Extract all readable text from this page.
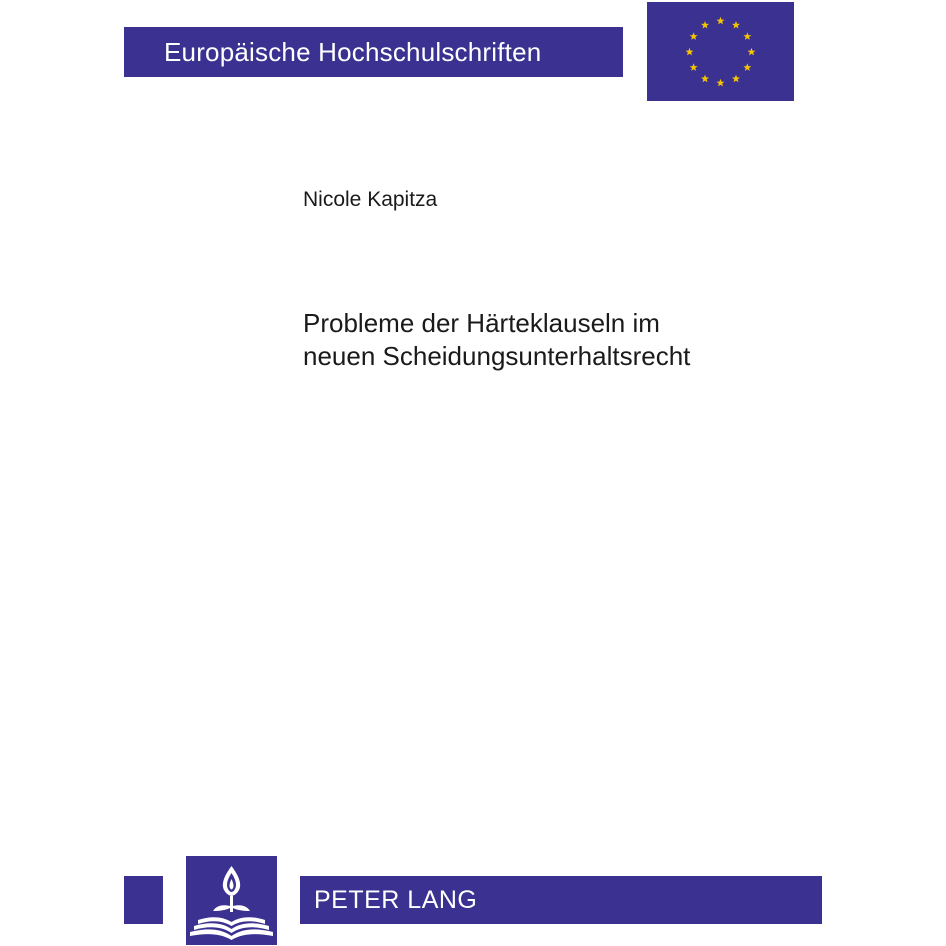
Europäische Hochschulschriften
Nicole Kapitza
Probleme der Härteklauseln im
neuen Scheidungsunterhaltsrecht
PETER LANG
